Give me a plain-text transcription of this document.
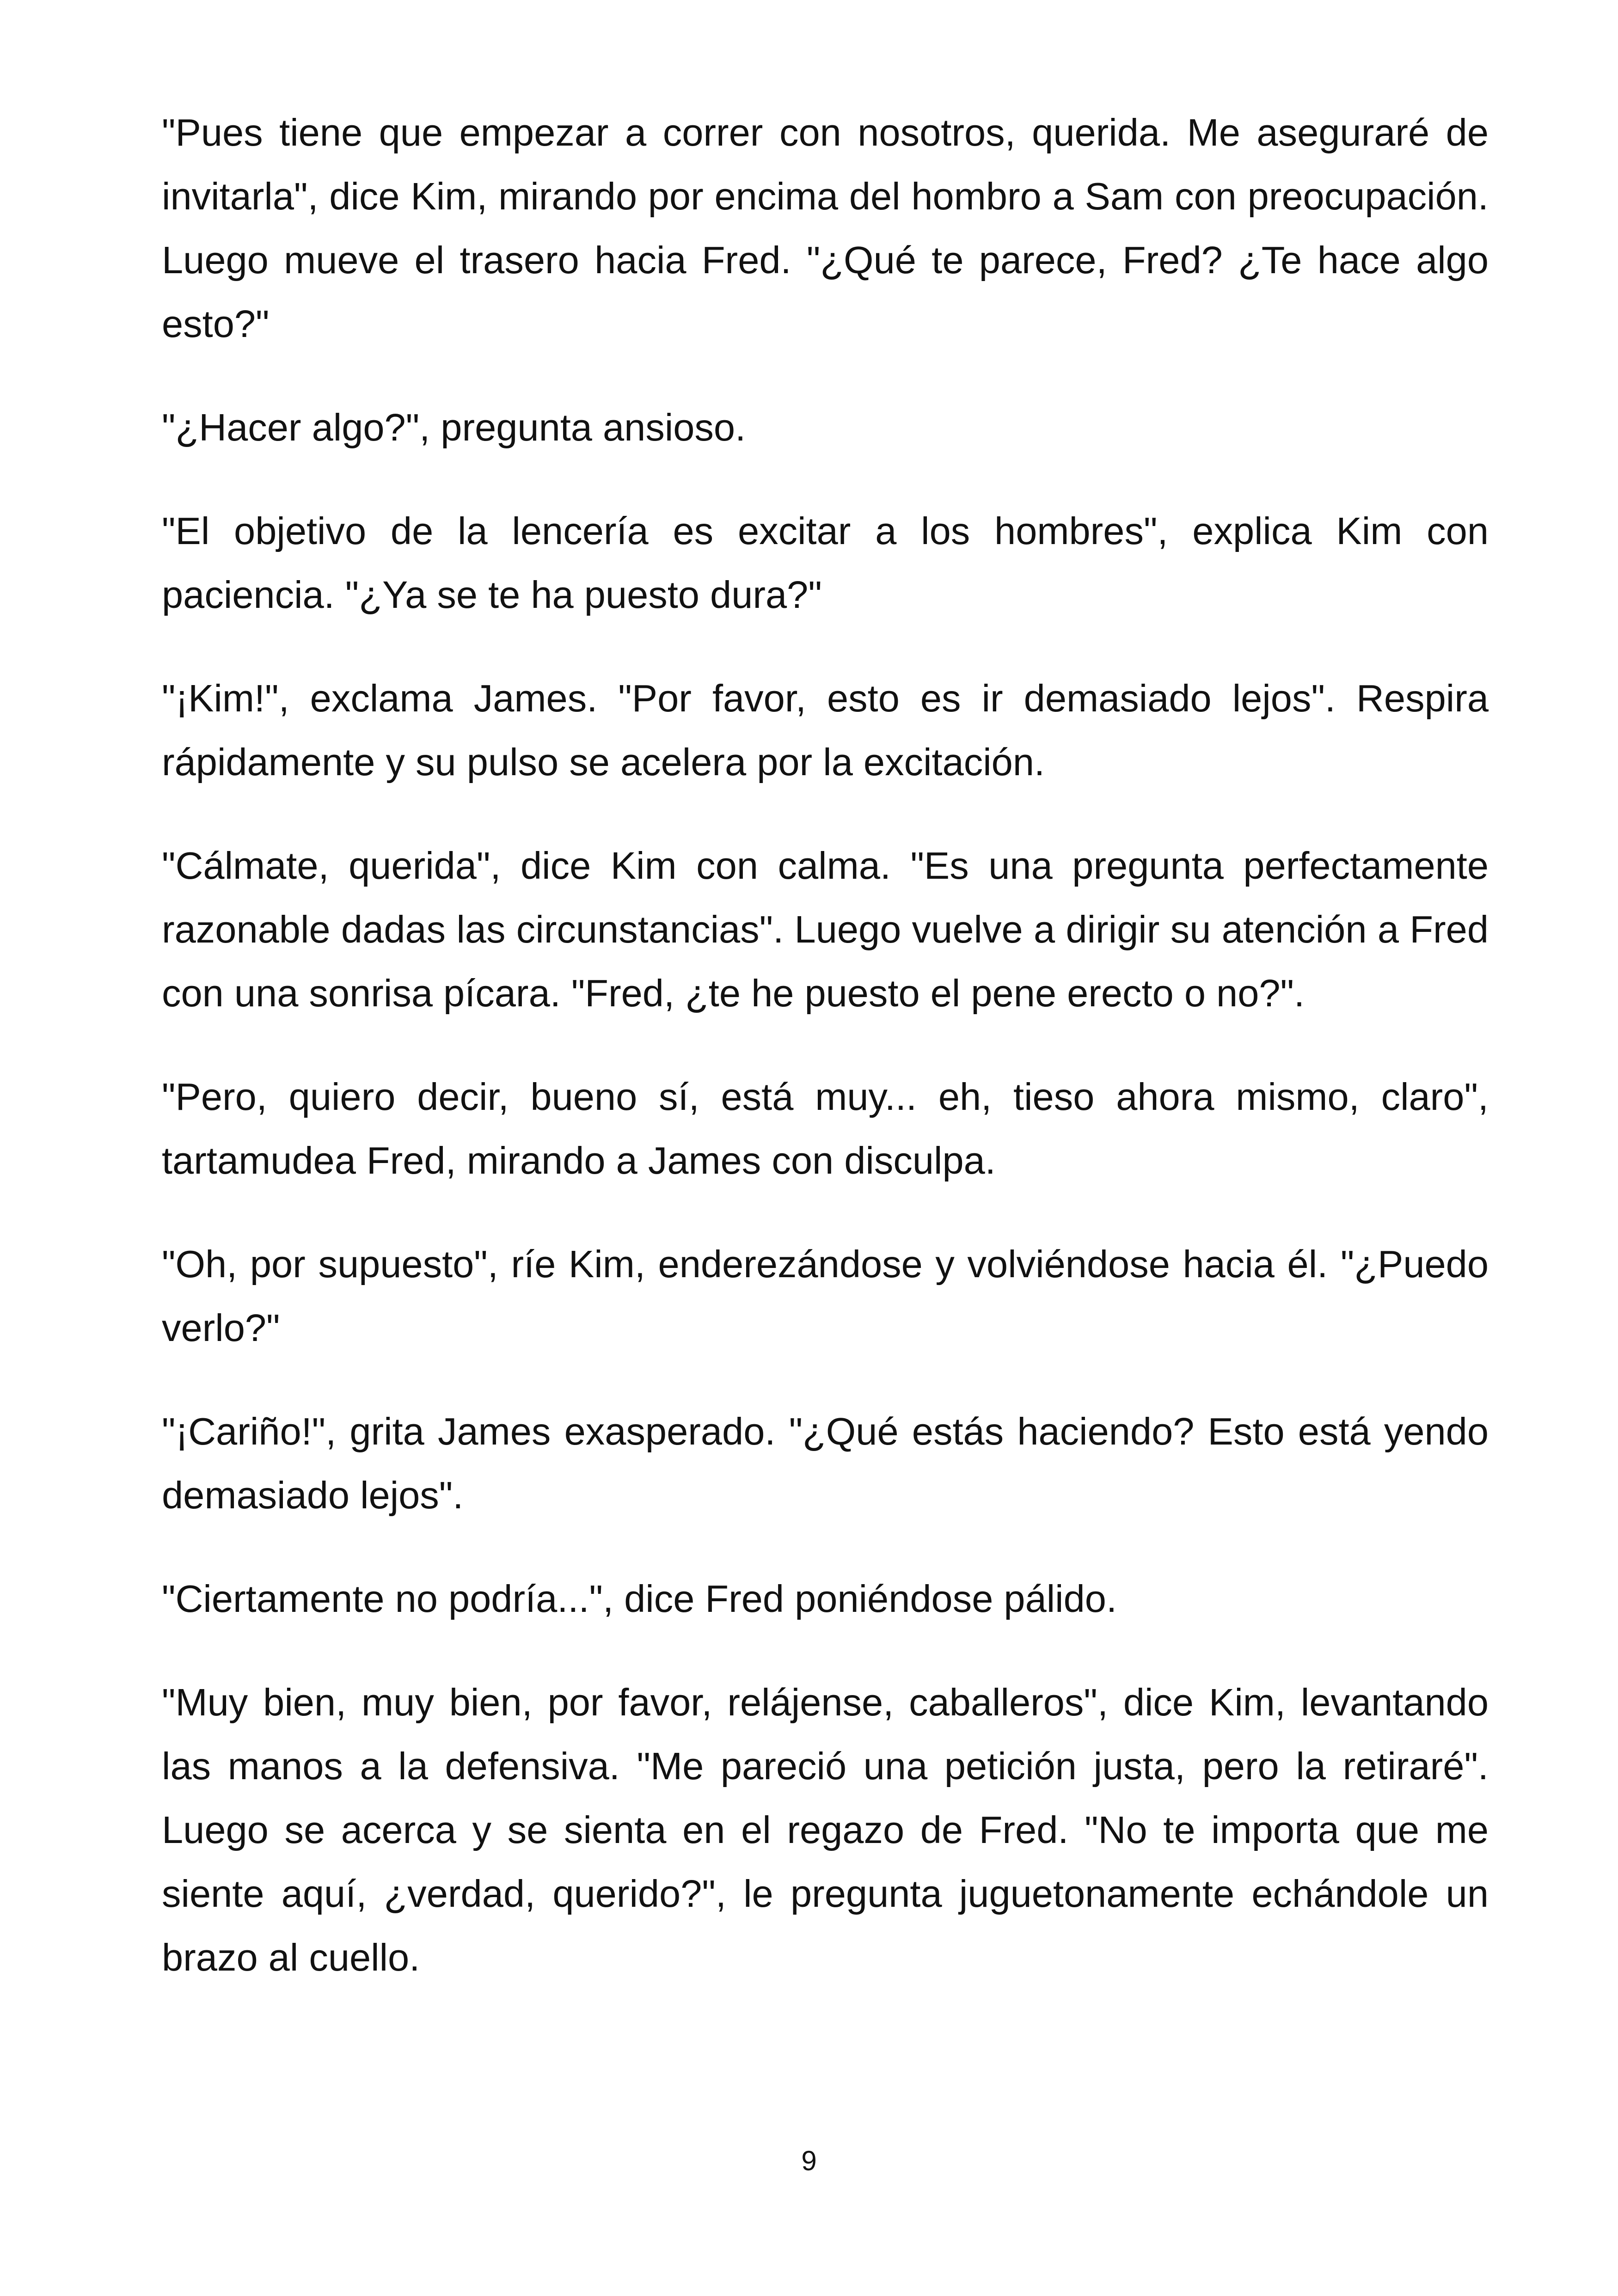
"Pues tiene que empezar a correr con nosotros, querida. Me aseguraré de invitarla", dice Kim, mirando por encima del hombro a Sam con preocupación. Luego mueve el trasero hacia Fred. "¿Qué te parece, Fred? ¿Te hace algo esto?"

"¿Hacer algo?", pregunta ansioso.

"El objetivo de la lencería es excitar a los hombres", explica Kim con paciencia. "¿Ya se te ha puesto dura?"

"¡Kim!", exclama James. "Por favor, esto es ir demasiado lejos". Respira rápidamente y su pulso se acelera por la excitación.

"Cálmate, querida", dice Kim con calma. "Es una pregunta perfectamente razonable dadas las circunstancias". Luego vuelve a dirigir su atención a Fred con una sonrisa pícara. "Fred, ¿te he puesto el pene erecto o no?".

"Pero, quiero decir, bueno sí, está muy... eh, tieso ahora mismo, claro", tartamudea Fred, mirando a James con disculpa.

"Oh, por supuesto", ríe Kim, enderezándose y volviéndose hacia él. "¿Puedo verlo?"

"¡Cariño!", grita James exasperado. "¿Qué estás haciendo? Esto está yendo demasiado lejos".

"Ciertamente no podría...", dice Fred poniéndose pálido.

"Muy bien, muy bien, por favor, relájense, caballeros", dice Kim, levantando las manos a la defensiva. "Me pareció una petición justa, pero la retiraré". Luego se acerca y se sienta en el regazo de Fred. "No te importa que me siente aquí, ¿verdad, querido?", le pregunta juguetonamente echándole un brazo al cuello.

9
